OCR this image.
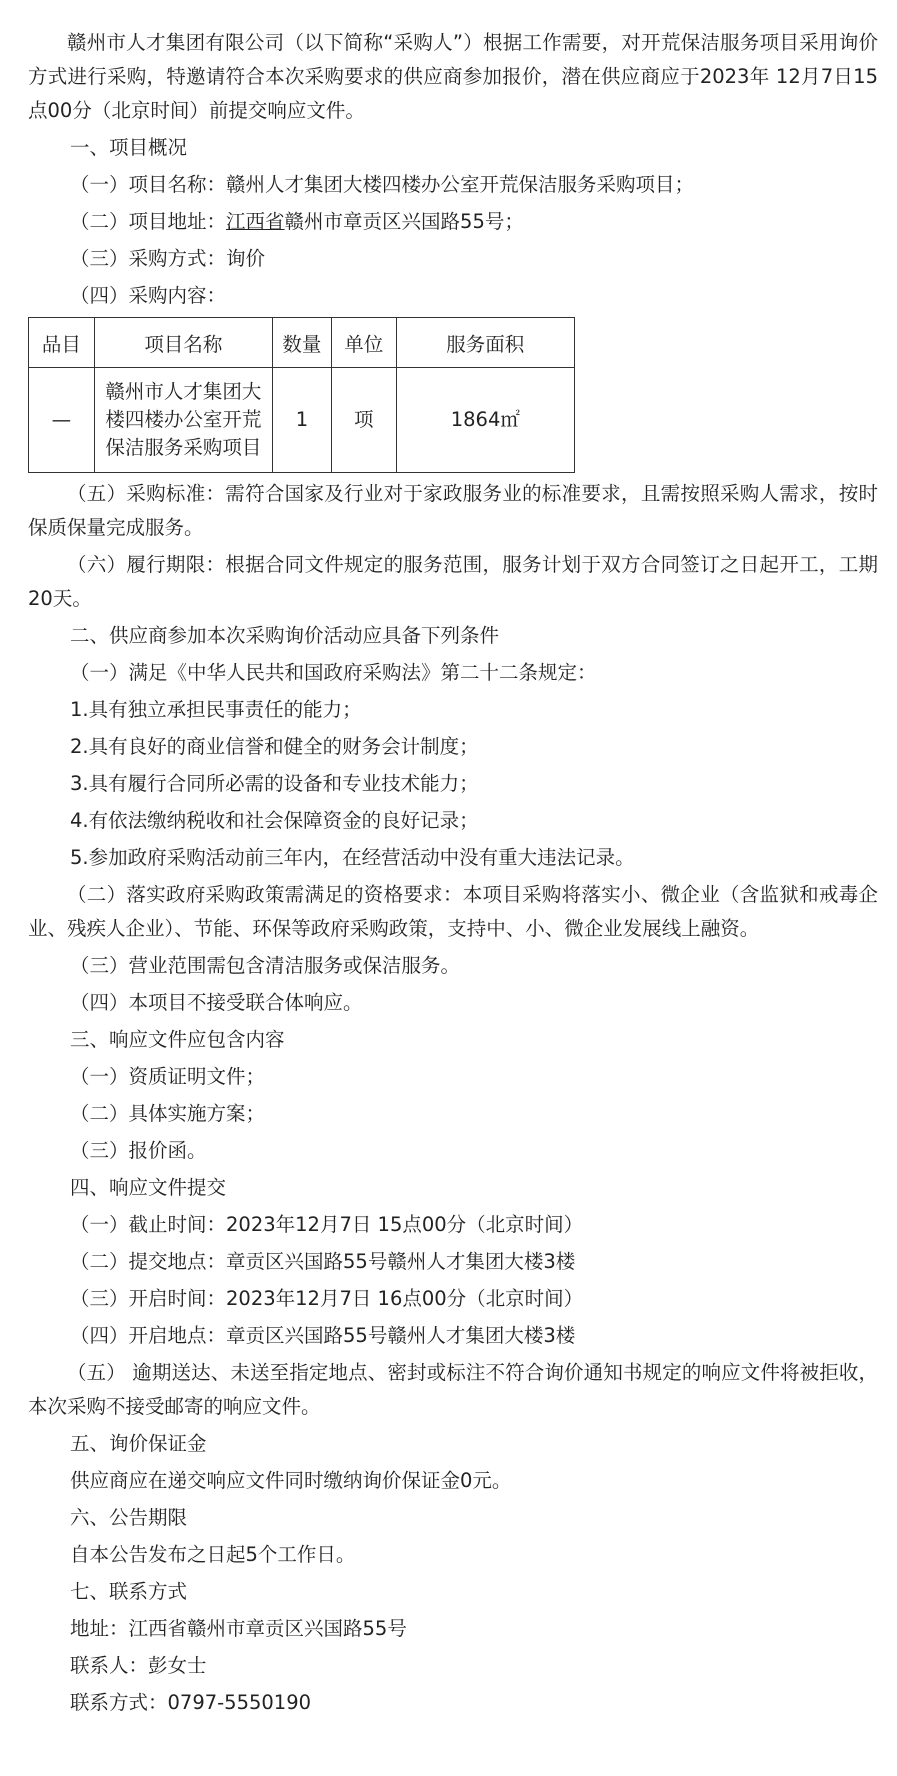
赣州市人才集团有限公司（以下简称“采购人”）根据工作需要，对开荒保洁服务项目采用询价方式进行采购，特邀请符合本次采购要求的供应商参加报价，潜在供应商应于2023年 12月7日15点00分（北京时间）前提交响应文件。

一、项目概况

（一）项目名称：赣州人才集团大楼四楼办公室开荒保洁服务采购项目；

（二）项目地址：江西省赣州市章贡区兴国路55号；

（三）采购方式：询价

（四）采购内容：

品目	项目名称	数量	单位	服务面积
—	赣州市人才集团大楼四楼办公室开荒保洁服务采购项目	1	项	1864㎡

（五）采购标准：需符合国家及行业对于家政服务业的标准要求，且需按照采购人需求，按时保质保量完成服务。

（六）履行期限：根据合同文件规定的服务范围，服务计划于双方合同签订之日起开工，工期20天。

二、供应商参加本次采购询价活动应具备下列条件

（一）满足《中华人民共和国政府采购法》第二十二条规定：

1.具有独立承担民事责任的能力；

2.具有良好的商业信誉和健全的财务会计制度；

3.具有履行合同所必需的设备和专业技术能力；

4.有依法缴纳税收和社会保障资金的良好记录；

5.参加政府采购活动前三年内，在经营活动中没有重大违法记录。

（二）落实政府采购政策需满足的资格要求：本项目采购将落实小、微企业（含监狱和戒毒企业、残疾人企业）、节能、环保等政府采购政策，支持中、小、微企业发展线上融资。

（三）营业范围需包含清洁服务或保洁服务。

（四）本项目不接受联合体响应。

三、响应文件应包含内容

（一）资质证明文件；

（二）具体实施方案；

（三）报价函。

四、响应文件提交

（一）截止时间：2023年12月7日 15点00分（北京时间）

（二）提交地点：章贡区兴国路55号赣州人才集团大楼3楼

（三）开启时间：2023年12月7日 16点00分（北京时间）

（四）开启地点：章贡区兴国路55号赣州人才集团大楼3楼

（五） 逾期送达、未送至指定地点、密封或标注不符合询价通知书规定的响应文件将被拒收，本次采购不接受邮寄的响应文件。

五、询价保证金

供应商应在递交响应文件同时缴纳询价保证金0元。

六、公告期限

自本公告发布之日起5个工作日。

七、联系方式

地址：江西省赣州市章贡区兴国路55号

联系人：彭女士

联系方式：0797-5550190
